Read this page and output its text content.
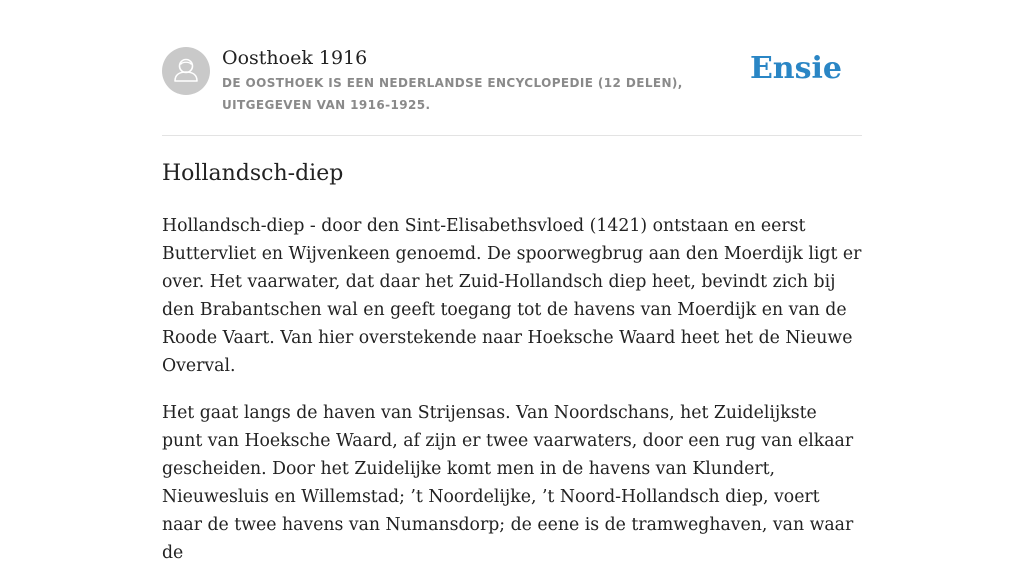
Oosthoek 1916
DE OOSTHOEK IS EEN NEDERLANDSE ENCYCLOPEDIE (12 DELEN), UITGEGEVEN VAN 1916-1925.
Ensie
Hollandsch-diep

Hollandsch-diep - door den Sint-Elisabethsvloed (1421) ontstaan en eerst Buttervliet en Wijvenkeen genoemd. De spoorwegbrug aan den Moerdijk ligt er over. Het vaarwater, dat daar het Zuid-Hollandsch diep heet, bevindt zich bij den Brabantschen wal en geeft toegang tot de havens van Moerdijk en van de Roode Vaart. Van hier overstekende naar Hoeksche Waard heet het de Nieuwe Overval.

Het gaat langs de haven van Strijensas. Van Noordschans, het Zuidelijkste punt van Hoeksche Waard, af zijn er twee vaarwaters, door een rug van elkaar gescheiden. Door het Zuidelijke komt men in de havens van Klundert, Nieuwesluis en Willemstad; ’t Noordelijke, ’t Noord-Hollandsch diep, voert naar de twee havens van Numansdorp; de eene is de tramweghaven, van waar de
